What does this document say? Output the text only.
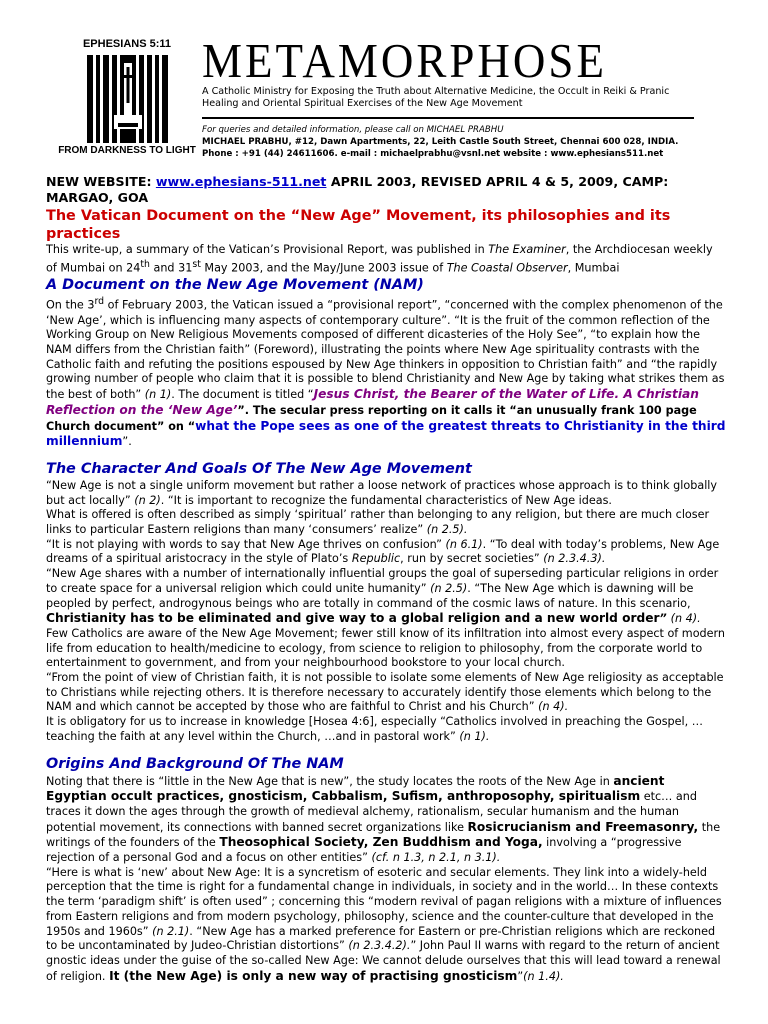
EPHESIANS 5:11
FROM DARKNESS TO LIGHT
METAMORPHOSE
A Catholic Ministry for Exposing the Truth about Alternative Medicine, the Occult in Reiki & Pranic Healing and Oriental Spiritual Exercises of the New Age Movement
For queries and detailed information, please call on MICHAEL PRABHU
MICHAEL PRABHU, #12, Dawn Apartments, 22, Leith Castle South Street, Chennai 600 028, INDIA.
Phone : +91 (44) 24611606. e-mail : michaelprabhu@vsnl.net website : www.ephesians511.net

NEW WEBSITE: www.ephesians-511.net APRIL 2003, REVISED APRIL 4 & 5, 2009, CAMP: MARGAO, GOA

The Vatican Document on the “New Age” Movement, its philosophies and its practices

This write-up, a summary of the Vatican’s Provisional Report, was published in The Examiner, the Archdiocesan weekly of Mumbai on 24th and 31st May 2003, and the May/June 2003 issue of The Coastal Observer, Mumbai

A Document on the New Age Movement (NAM)

On the 3rd of February 2003, the Vatican issued a “provisional report”, “concerned with the complex phenomenon of the ‘New Age’, which is influencing many aspects of contemporary culture”. “It is the fruit of the common reflection of the Working Group on New Religious Movements composed of different dicasteries of the Holy See”, “to explain how the NAM differs from the Christian faith” (Foreword), illustrating the points where New Age spirituality contrasts with the Catholic faith and refuting the positions espoused by New Age thinkers in opposition to Christian faith” and “the rapidly growing number of people who claim that it is possible to blend Christianity and New Age by taking what strikes them as the best of both” (n 1). The document is titled “Jesus Christ, the Bearer of the Water of Life. A Christian Reflection on the ‘New Age’”. The secular press reporting on it calls it “an unusually frank 100 page Church document” on “what the Pope sees as one of the greatest threats to Christianity in the third millennium”.

The Character And Goals Of The New Age Movement

“New Age is not a single uniform movement but rather a loose network of practices whose approach is to think globally but act locally” (n 2). “It is important to recognize the fundamental characteristics of New Age ideas.

What is offered is often described as simply ‘spiritual’ rather than belonging to any religion, but there are much closer links to particular Eastern religions than many ‘consumers’ realize” (n 2.5).

“It is not playing with words to say that New Age thrives on confusion” (n 6.1). “To deal with today’s problems, New Age dreams of a spiritual aristocracy in the style of Plato’s Republic, run by secret societies” (n 2.3.4.3).

“New Age shares with a number of internationally influential groups the goal of superseding particular religions in order to create space for a universal religion which could unite humanity” (n 2.5). “The New Age which is dawning will be peopled by perfect, androgynous beings who are totally in command of the cosmic laws of nature. In this scenario, Christianity has to be eliminated and give way to a global religion and a new world order” (n 4).

Few Catholics are aware of the New Age Movement; fewer still know of its infiltration into almost every aspect of modern life from education to health/medicine to ecology, from science to religion to philosophy, from the corporate world to entertainment to government, and from your neighbourhood bookstore to your local church.

“From the point of view of Christian faith, it is not possible to isolate some elements of New Age religiosity as acceptable to Christians while rejecting others. It is therefore necessary to accurately identify those elements which belong to the NAM and which cannot be accepted by those who are faithful to Christ and his Church” (n 4).

It is obligatory for us to increase in knowledge [Hosea 4:6], especially “Catholics involved in preaching the Gospel, … teaching the faith at any level within the Church, …and in pastoral work” (n 1).

Origins And Background Of The NAM

Noting that there is “little in the New Age that is new”, the study locates the roots of the New Age in ancient Egyptian occult practices, gnosticism, Cabbalism, Sufism, anthroposophy, spiritualism etc… and traces it down the ages through the growth of medieval alchemy, rationalism, secular humanism and the human potential movement, its connections with banned secret organizations like Rosicrucianism and Freemasonry, the writings of the founders of the Theosophical Society, Zen Buddhism and Yoga, involving a “progressive rejection of a personal God and a focus on other entities” (cf. n 1.3, n 2.1, n 3.1).

“Here is what is ‘new’ about New Age: It is a syncretism of esoteric and secular elements. They link into a widely-held perception that the time is right for a fundamental change in individuals, in society and in the world… In these contexts the term ‘paradigm shift’ is often used” ; concerning this “modern revival of pagan religions with a mixture of influences from Eastern religions and from modern psychology, philosophy, science and the counter-culture that developed in the 1950s and 1960s” (n 2.1). “New Age has a marked preference for Eastern or pre-Christian religions which are reckoned to be uncontaminated by Judeo-Christian distortions” (n 2.3.4.2).” John Paul II warns with regard to the return of ancient gnostic ideas under the guise of the so-called New Age: We cannot delude ourselves that this will lead toward a renewal of religion. It (the New Age) is only a new way of practising gnosticism”(n 1.4).
